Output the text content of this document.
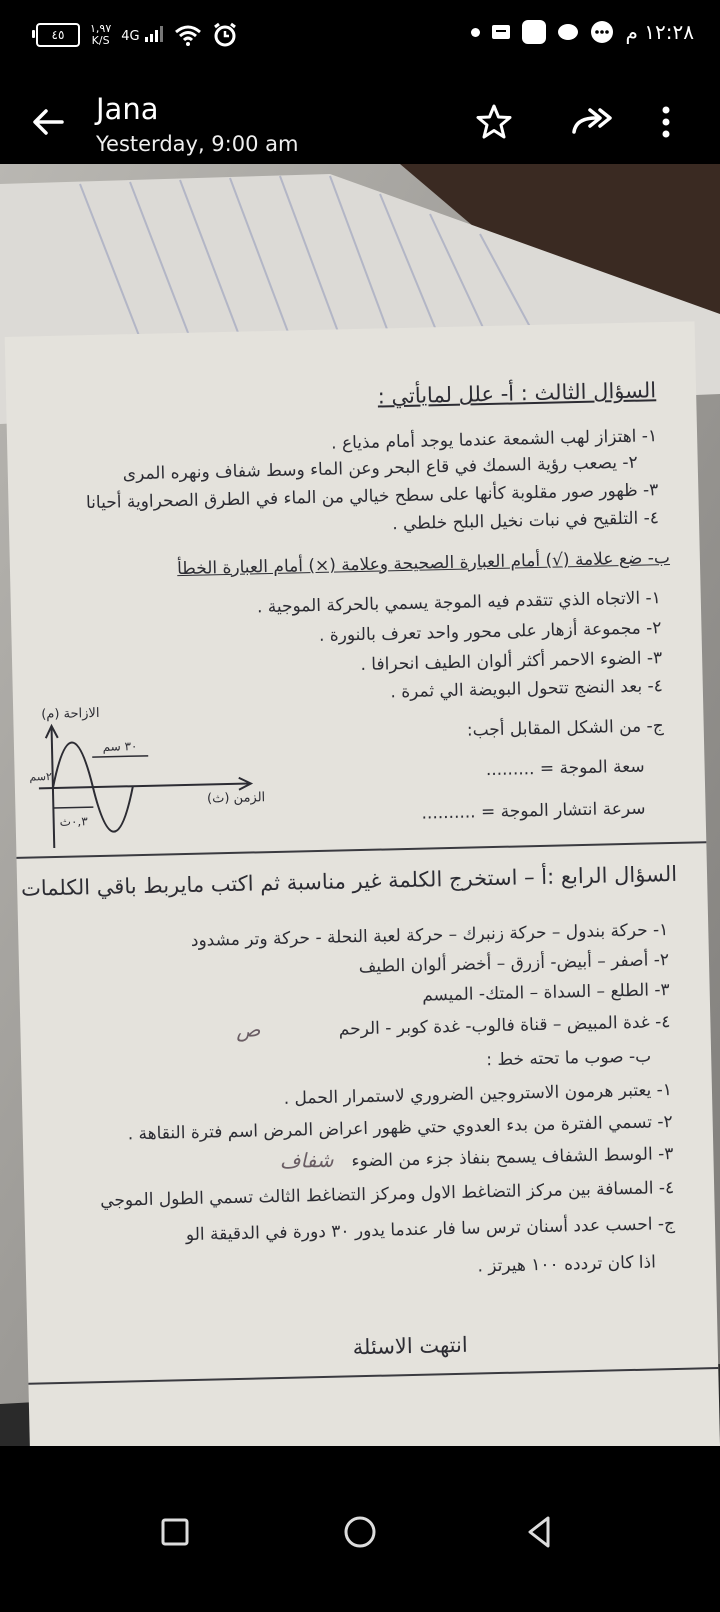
٤٥ ١,٩٧
K/S 4G	١٢:٢٨ م
Jana
Yesterday, 9:00 am
السؤال الثالث : أ- علل لمايأتي :
١- اهتزاز لهب الشمعة عندما يوجد أمام مذياع .
٢- يصعب رؤية السمك في قاع البحر وعن الماء وسط شفاف ونهره المرى
٣- ظهور صور مقلوبة كأنها على سطح خيالي من الماء في الطرق الصحراوية أحيانا
٤- التلقيح في نبات نخيل البلح خلطي .
ب- ضع علامة (√) أمام العبارة الصحيحة وعلامة (×) أمام العبارة الخطأ
١- الاتجاه الذي تتقدم فيه الموجة يسمي بالحركة الموجية .
٢- مجموعة أزهار على محور واحد تعرف بالنورة .
٣- الضوء الاحمر أكثر ألوان الطيف انحرافا .
٤- بعد النضج تتحول البويضة الي ثمرة .
ج- من الشكل المقابل أجب:
سعة الموجة = .........
سرعة انتشار الموجة = ..........
الازاحة (م)
الزمن (ث)
٣٠ سم
٠,٣ث
٢سم
السؤال الرابع :أ – استخرج الكلمة غير مناسبة ثم اكتب مايربط باقي الكلمات
١- حركة بندول – حركة زنبرك – حركة لعبة النحلة - حركة وتر مشدود
٢- أصفر – أبيض- أزرق – أخضر ألوان الطيف
٣- الطلع – السداة – المتك- الميسم
٤- غدة المبيض – قناة فالوب- غدة كوبر - الرحم
ص
ب- صوب ما تحته خط :
١- يعتبر هرمون الاستروجين الضروري لاستمرار الحمل .
٢- تسمي الفترة من بدء العدوي حتي ظهور اعراض المرض اسم فترة النقاهة .
٣- الوسط الشفاف يسمح بنفاذ جزء من الضوء
شفاف
٤- المسافة بين مركز التضاغط الاول ومركز التضاغط الثالث تسمي الطول الموجي
ج- احسب عدد أسنان ترس سا فار عندما يدور ٣٠ دورة في الدقيقة الو
اذا كان تردده ١٠٠ هيرتز .
انتهت الاسئلة
